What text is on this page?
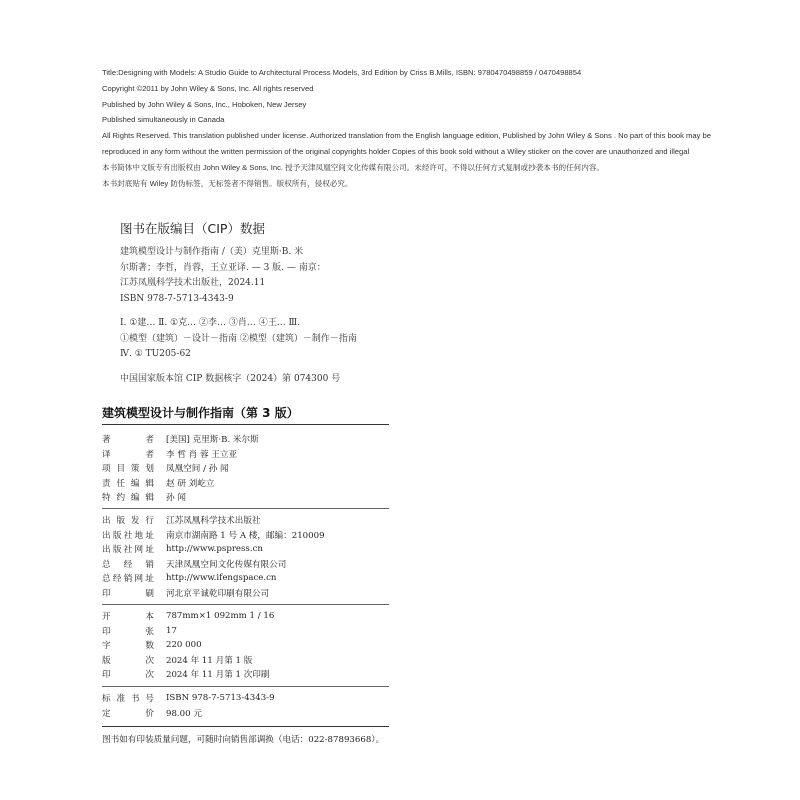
Title:Designing with Models: A Studio Guide to Architectural Process Models, 3rd Edition by Criss B.Mills, ISBN: 9780470498859 / 0470498854
Copyright ©2011 by John Wiley & Sons, Inc. All rights reserved
Published by John Wiley & Sons, Inc., Hoboken, New Jersey
Published simultaneously in Canada
All Rights Reserved. This translation published under license. Authorized translation from the English language edition, Published by John Wiley & Sons . No part of this book may be
reproduced in any form without the written permission of the original copyrights holder Copies of this book sold without a Wiley sticker on the cover are unauthorized and illegal
本书简体中文版专有出版权由 John Wiley & Sons, Inc. 授予天津凤凰空间文化传媒有限公司。未经许可，不得以任何方式复制或抄袭本书的任何内容。
本书封底贴有 Wiley 防伪标签，无标签者不得销售。版权所有，侵权必究。
图书在版编目（CIP）数据
建筑模型设计与制作指南 /（美）克里斯·B. 米
尔斯著；李哲，肖蓉，王立亚译. — 3 版. — 南京：
江苏凤凰科学技术出版社，2024.11
ISBN 978-7-5713-4343-9
Ⅰ. ①建… Ⅱ. ①克… ②李… ③肖… ④王… Ⅲ.
①模型（建筑）－设计－指南 ②模型（建筑）－制作－指南
Ⅳ. ① TU205-62
中国国家版本馆 CIP 数据核字（2024）第 074300 号
建筑模型设计与制作指南（第 3 版）
著者 [美国] 克里斯·B. 米尔斯
译者 李 哲 肖 蓉 王立亚
项目策划 凤凰空间 / 孙 闻
责任编辑 赵 研 刘屹立
特约编辑 孙 闻
出版发行 江苏凤凰科学技术出版社
出版社地址 南京市湖南路 1 号 A 楼，邮编：210009
出版社网址 http://www.pspress.cn
总经销 天津凤凰空间文化传媒有限公司
总经销网址 http://www.ifengspace.cn
印刷 河北京平诚乾印刷有限公司
开本 787mm×1 092mm 1 / 16
印张 17
字数 220 000
版次 2024 年 11 月第 1 版
印次 2024 年 11 月第 1 次印刷
标准书号 ISBN 978-7-5713-4343-9
定价 98.00 元
图书如有印装质量问题，可随时向销售部调换（电话：022-87893668）。
